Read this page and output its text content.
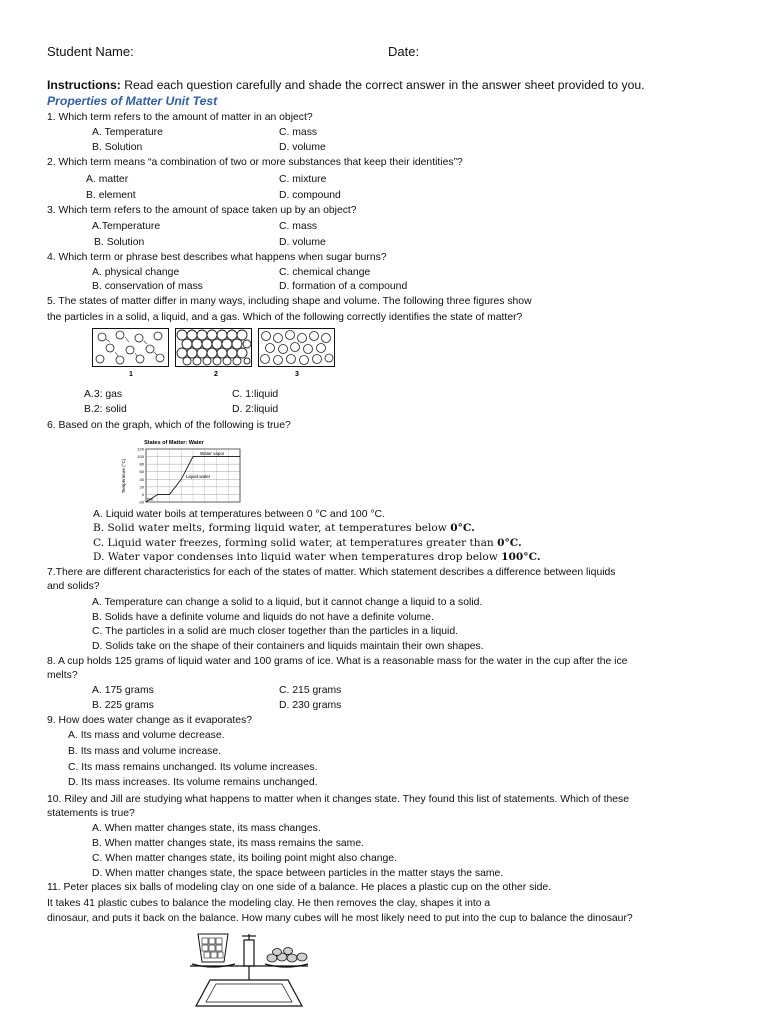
Student Name:	Date:
Instructions: Read each question carefully and shade the correct answer in the answer sheet provided to you.
Properties of Matter Unit Test
1. Which term refers to the amount of matter in an object?
A. Temperature	C. mass
B. Solution	D. volume
2. Which term means “a combination of two or more substances that keep their identities”?
A. matter	C. mixture
B. element	D. compound
3. Which term refers to the amount of space taken up by an object?
A.Temperature	C. mass
B. Solution	D. volume
4. Which term or phrase best describes what happens when sugar burns?
A. physical change	C. chemical change
B. conservation of mass	D. formation of a compound
5. The states of matter differ in many ways, including shape and volume. The following three figures show
the particles in a solid, a liquid, and a gas. Which of the following correctly identifies the state of matter?
1	2	3
A.3: gas	C. 1:liquid
B.2: solid	D. 2:liquid
6. Based on the graph, which of the following is true?
States of Matter: Water
Temperature (°C)
120
100
80
60
40
20
0
-20
Water vapor
Liquid water
Ice
A. Liquid water boils at temperatures between 0 °C and 100 °C.
B. Solid water melts, forming liquid water, at temperatures below 0°C.
C. Liquid water freezes, forming solid water, at temperatures greater than 0°C.
D. Water vapor condenses into liquid water when temperatures drop below 100°C.
7.There are different characteristics for each of the states of matter. Which statement describes a difference between liquids
and solids?
A. Temperature can change a solid to a liquid, but it cannot change a liquid to a solid.
B. Solids have a definite volume and liquids do not have a definite volume.
C. The particles in a solid are much closer together than the particles in a liquid.
D. Solids take on the shape of their containers and liquids maintain their own shapes.
8. A cup holds 125 grams of liquid water and 100 grams of ice. What is a reasonable mass for the water in the cup after the ice
melts?
A. 175 grams	C. 215 grams
B. 225 grams	D. 230 grams
9. How does water change as it evaporates?
A. Its mass and volume decrease.
B. Its mass and volume increase.
C. Its mass remains unchanged. Its volume increases.
D. Its mass increases. Its volume remains unchanged.
10. Riley and Jill are studying what happens to matter when it changes state. They found this list of statements. Which of these
statements is true?
A. When matter changes state, its mass changes.
B. When matter changes state, its mass remains the same.
C. When matter changes state, its boiling point might also change.
D. When matter changes state, the space between particles in the matter stays the same.
11. Peter places six balls of modeling clay on one side of a balance. He places a plastic cup on the other side.
It takes 41 plastic cubes to balance the modeling clay. He then removes the clay, shapes it into a
dinosaur, and puts it back on the balance. How many cubes will he most likely need to put into the cup to balance the dinosaur?
